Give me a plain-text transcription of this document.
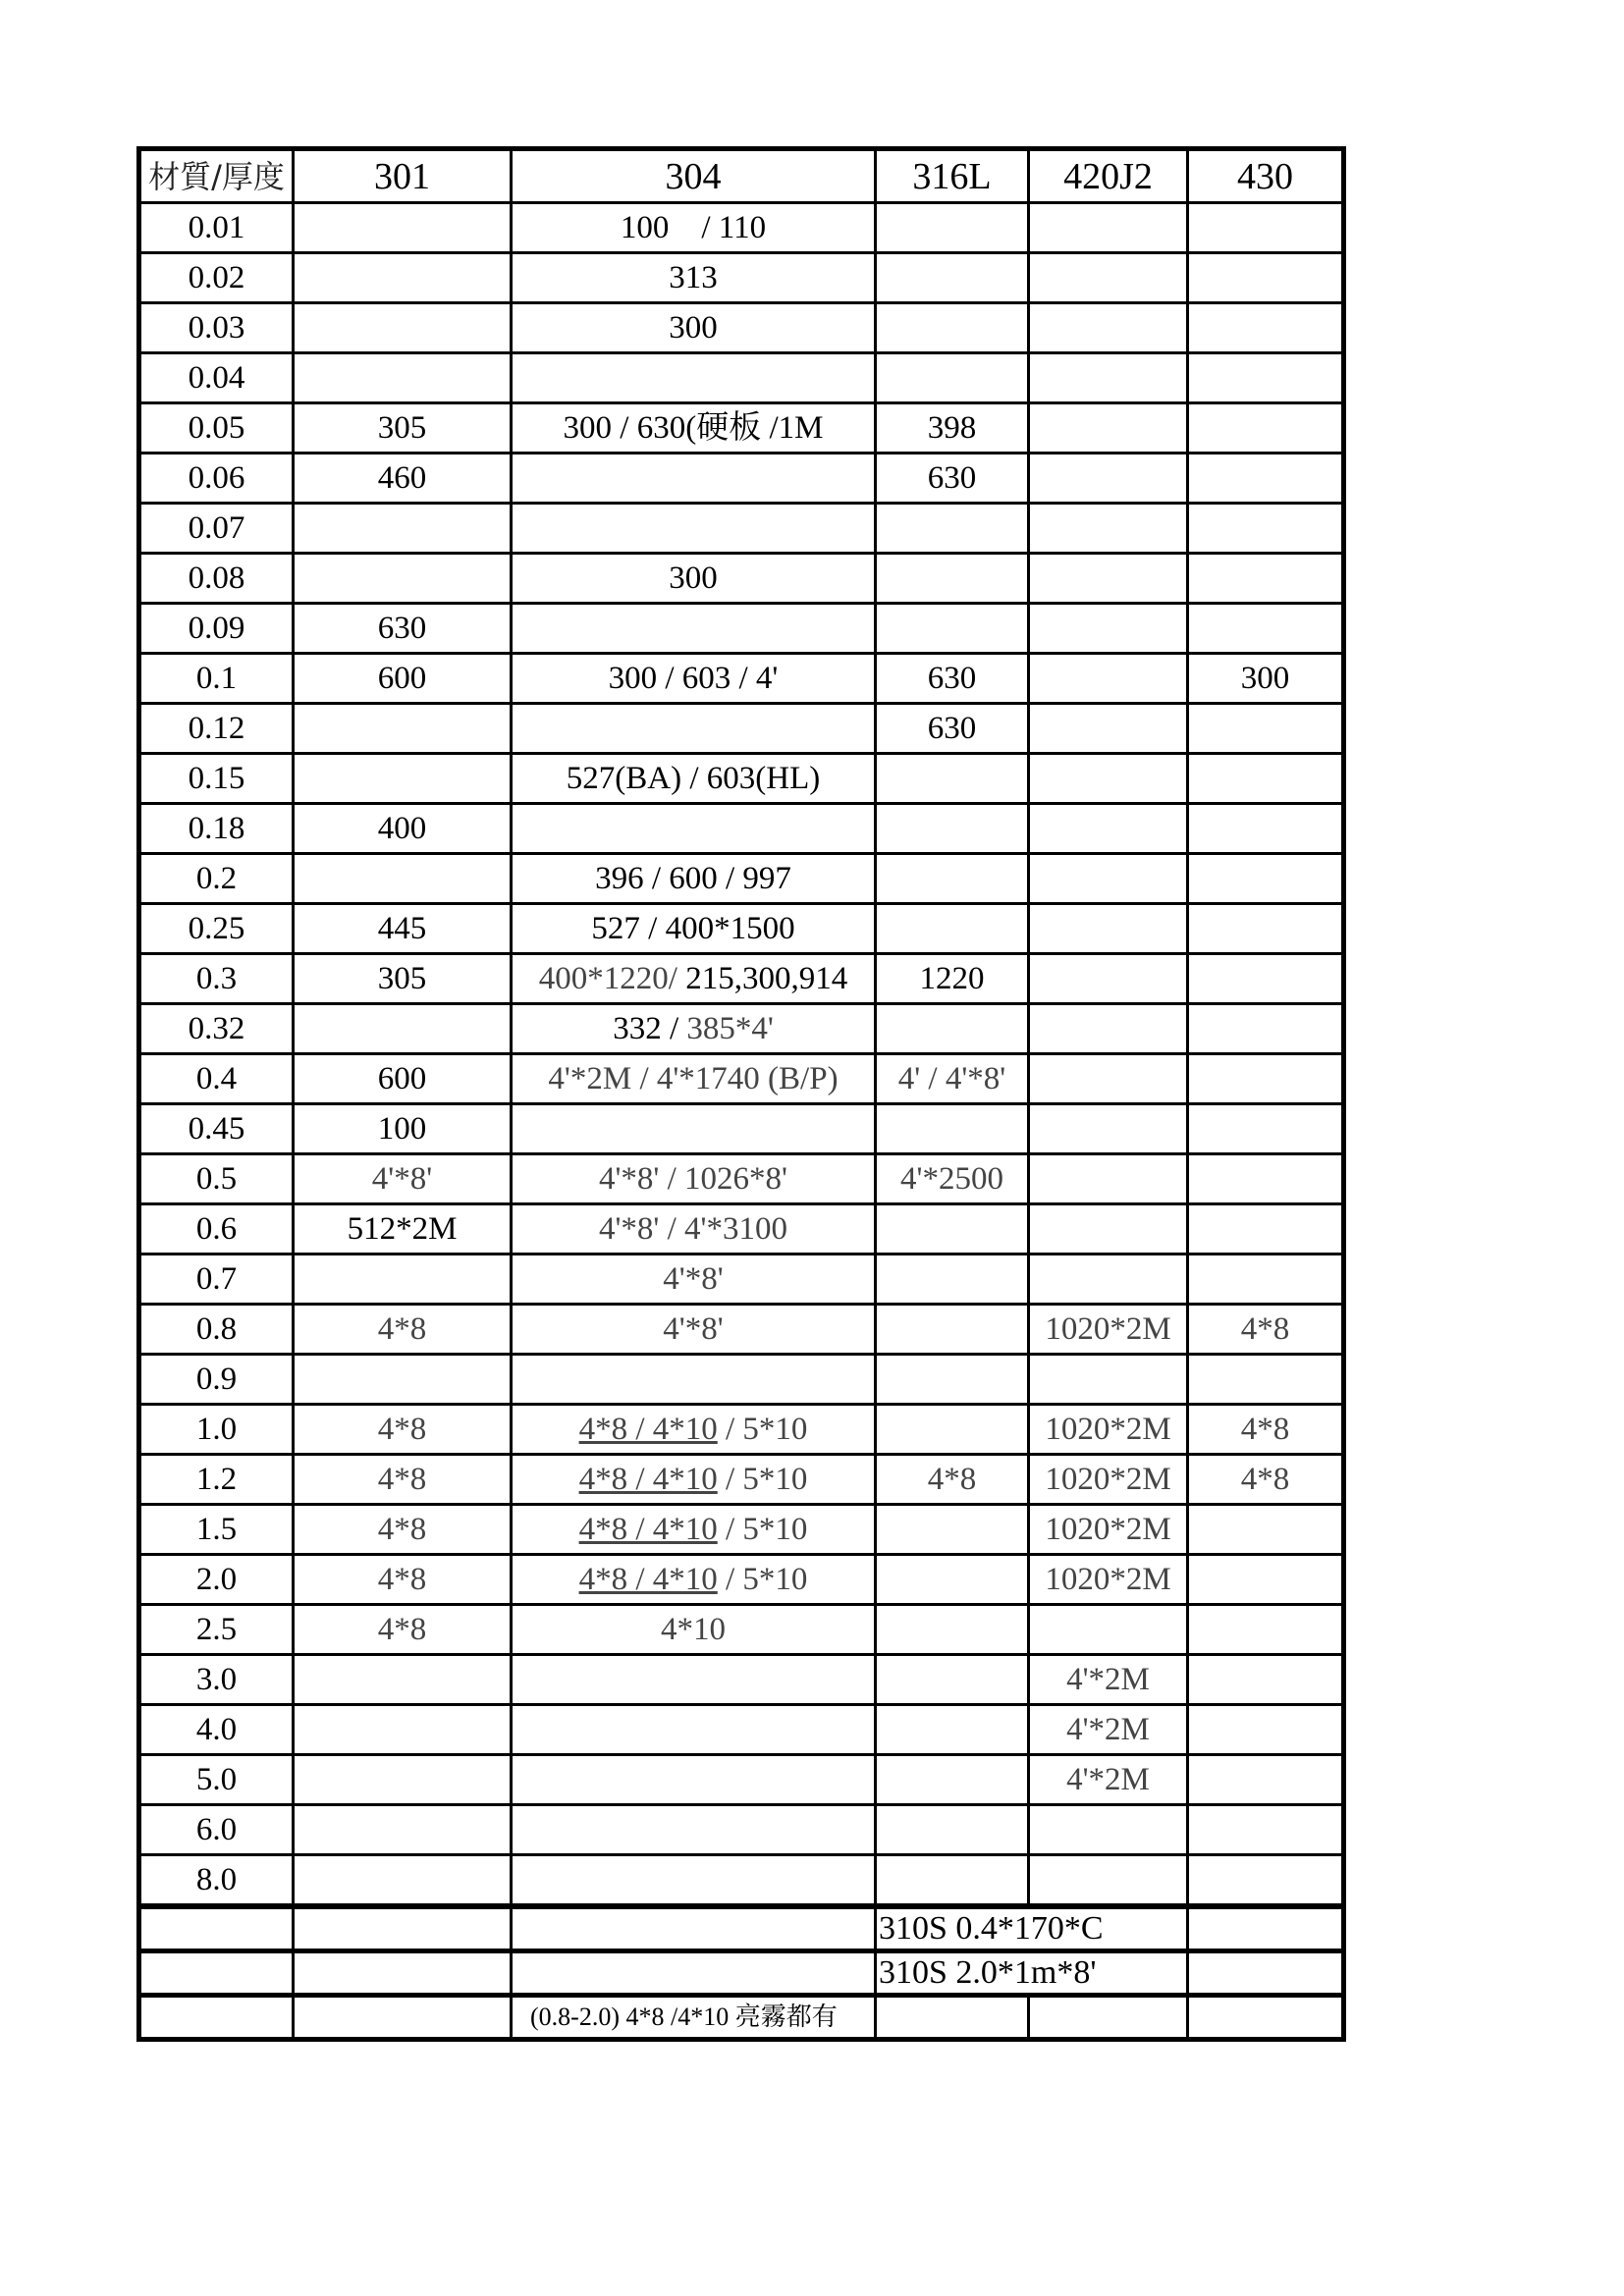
材質/厚度	301	304	316L	420J2	430
0.01		100　/ 110			
0.02		313			
0.03		300			
0.04					
0.05	305	300 / 630(硬板 /1M	398		
0.06	460		630		
0.07					
0.08		300			
0.09	630				
0.1	600	300 / 603 / 4'	630		300
0.12			630		
0.15		527(BA) / 603(HL)			
0.18	400				
0.2		396 / 600 / 997			
0.25	445	527 / 400*1500			
0.3	305	400*1220/ 215,300,914	1220		
0.32		332 / 385*4'			
0.4	600	4'*2M / 4'*1740 (B/P)	4' / 4'*8'		
0.45	100				
0.5	4'*8'	4'*8' / 1026*8'	4'*2500		
0.6	512*2M	4'*8' / 4'*3100			
0.7		4'*8'			
0.8	4*8	4'*8'		1020*2M	4*8
0.9					
1.0	4*8	4*8 / 4*10 / 5*10		1020*2M	4*8
1.2	4*8	4*8 / 4*10 / 5*10	4*8	1020*2M	4*8
1.5	4*8	4*8 / 4*10 / 5*10		1020*2M	
2.0	4*8	4*8 / 4*10 / 5*10		1020*2M	
2.5	4*8	4*10			
3.0				4'*2M	
4.0				4'*2M	
5.0				4'*2M	
6.0					
8.0					
			310S 0.4*170*C		
			310S 2.0*1m*8'		
		(0.8-2.0) 4*8 /4*10 亮霧都有			
